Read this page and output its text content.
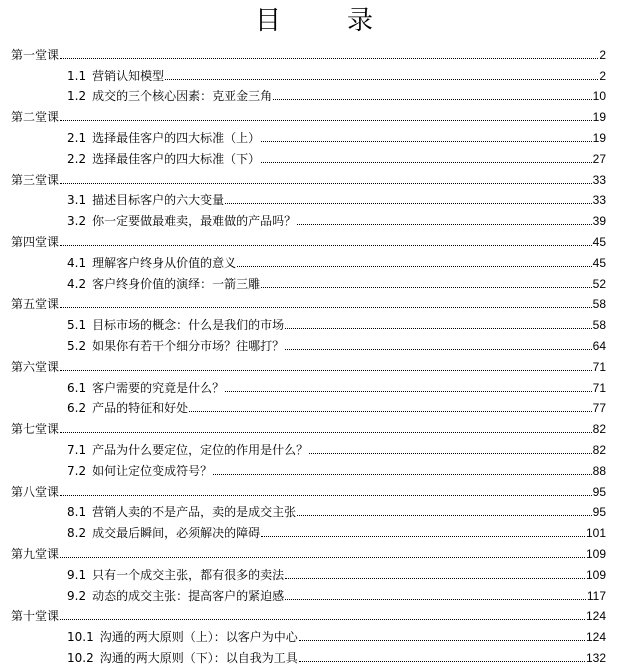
目 录
第一堂课	2
1.1 营销认知模型	2
1.2 成交的三个核心因素：克亚金三角	10
第二堂课	19
2.1 选择最佳客户的四大标准（上）	19
2.2 选择最佳客户的四大标准（下）	27
第三堂课	33
3.1 描述目标客户的六大变量	33
3.2 你一定要做最难卖，最难做的产品吗？	39
第四堂课	45
4.1 理解客户终身从价值的意义	45
4.2 客户终身价值的演绎：一箭三雕	52
第五堂课	58
5.1 目标市场的概念：什么是我们的市场	58
5.2 如果你有若干个细分市场？往哪打？	64
第六堂课	71
6.1 客户需要的究竟是什么？	71
6.2 产品的特征和好处	77
第七堂课	82
7.1 产品为什么要定位，定位的作用是什么？	82
7.2 如何让定位变成符号？	88
第八堂课	95
8.1 营销人卖的不是产品，卖的是成交主张	95
8.2 成交最后瞬间，必须解决的障碍	101
第九堂课	109
9.1 只有一个成交主张，都有很多的卖法	109
9.2 动态的成交主张：提高客户的紧迫感	117
第十堂课	124
10.1 沟通的两大原则（上）：以客户为中心	124
10.2 沟通的两大原则（下）：以自我为工具	132
